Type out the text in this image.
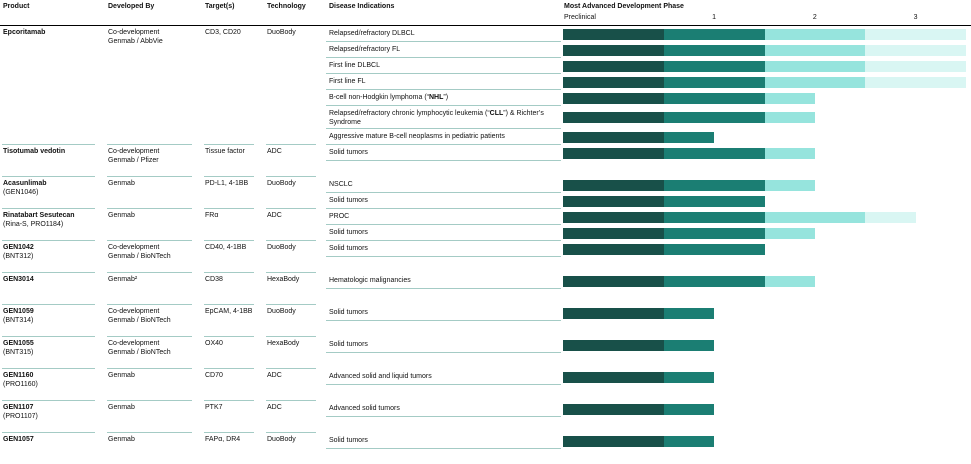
Product	Developed By	Target(s)	Technology	Disease Indications	Most Advanced Development Phase
Preclinical	1	2	3
Epcoritamab	Co-development
Genmab / AbbVie
CD3, CD20	DuoBody	Relapsed/refractory DLBCL
Relapsed/refractory FL
First line DLBCL
First line FL
B-cell non-Hodgkin lymphoma (“NHL”)
Relapsed/refractory chronic lymphocytic leukemia (“CLL”) & Richter’s Syndrome
Aggressive mature B-cell neoplasms in pediatric patients
Tisotumab vedotin	Co-development
Genmab / Pfizer
Tissue factor	ADC	Solid tumors
Acasunlimab
(GEN1046)
Genmab	PD-L1, 4-1BB	DuoBody	NSCLC
Solid tumors
Rinatabart Sesutecan
(Rina-S, PRO1184)
Genmab	FRα	ADC	PROC
Solid tumors
GEN1042
(BNT312)
Co-development
Genmab / BioNTech
CD40, 4-1BB	DuoBody	Solid tumors
GEN3014	Genmab²	CD38	HexaBody	Hematologic malignancies
GEN1059
(BNT314)
Co-development
Genmab / BioNTech
EpCAM, 4-1BB	DuoBody	Solid tumors
GEN1055
(BNT315)
Co-development
Genmab / BioNTech
OX40	HexaBody	Solid tumors
GEN1160
(PRO1160)
Genmab	CD70	ADC	Advanced solid and liquid tumors
GEN1107
(PRO1107)
Genmab	PTK7	ADC	Advanced solid tumors
GEN1057	Genmab	FAPα, DR4	DuoBody	Solid tumors
